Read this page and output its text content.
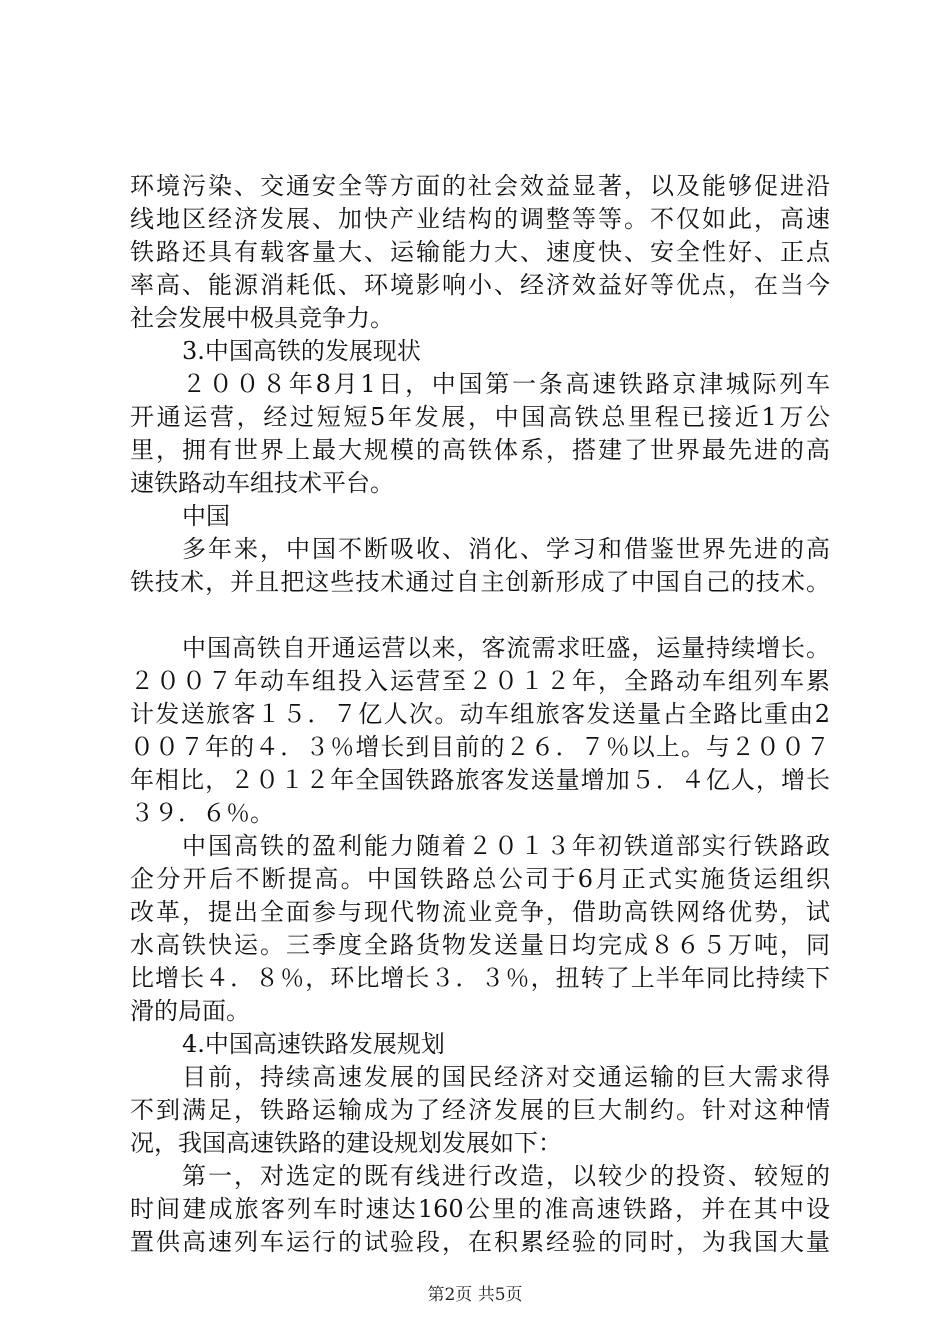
环境污染、交通安全等方面的社会效益显著，以及能够促进沿
线地区经济发展、加快产业结构的调整等等。不仅如此，高速
铁路还具有载客量大、运输能力大、速度快、安全性好、正点
率高、能源消耗低、环境影响小、经济效益好等优点，在当今
社会发展中极具竞争力。
3.中国高铁的发展现状
２００８年8月1日，中国第一条高速铁路京津城际列车
开通运营，经过短短5年发展，中国高铁总里程已接近1万公
里，拥有世界上最大规模的高铁体系，搭建了世界最先进的高
速铁路动车组技术平台。
中国
多年来，中国不断吸收、消化、学习和借鉴世界先进的高
铁技术，并且把这些技术通过自主创新形成了中国自己的技术。
中国高铁自开通运营以来，客流需求旺盛，运量持续增长。
２００７年动车组投入运营至２０１２年，全路动车组列车累
计发送旅客１５．７亿人次。动车组旅客发送量占全路比重由2
００７年的４．３％增长到目前的２６．７％以上。与２００７
年相比，２０１２年全国铁路旅客发送量增加５．４亿人，增长
３９．６％。
中国高铁的盈利能力随着２０１３年初铁道部实行铁路政
企分开后不断提高。中国铁路总公司于6月正式实施货运组织
改革，提出全面参与现代物流业竞争，借助高铁网络优势，试
水高铁快运。三季度全路货物发送量日均完成８６５万吨，同
比增长４．８％，环比增长３．３％，扭转了上半年同比持续下
滑的局面。
4.中国高速铁路发展规划
目前，持续高速发展的国民经济对交通运输的巨大需求得
不到满足，铁路运输成为了经济发展的巨大制约。针对这种情
况，我国高速铁路的建设规划发展如下：
第一，对选定的既有线进行改造，以较少的投资、较短的
时间建成旅客列车时速达160公里的准高速铁路，并在其中设
置供高速列车运行的试验段，在积累经验的同时，为我国大量
第2页 共5页
